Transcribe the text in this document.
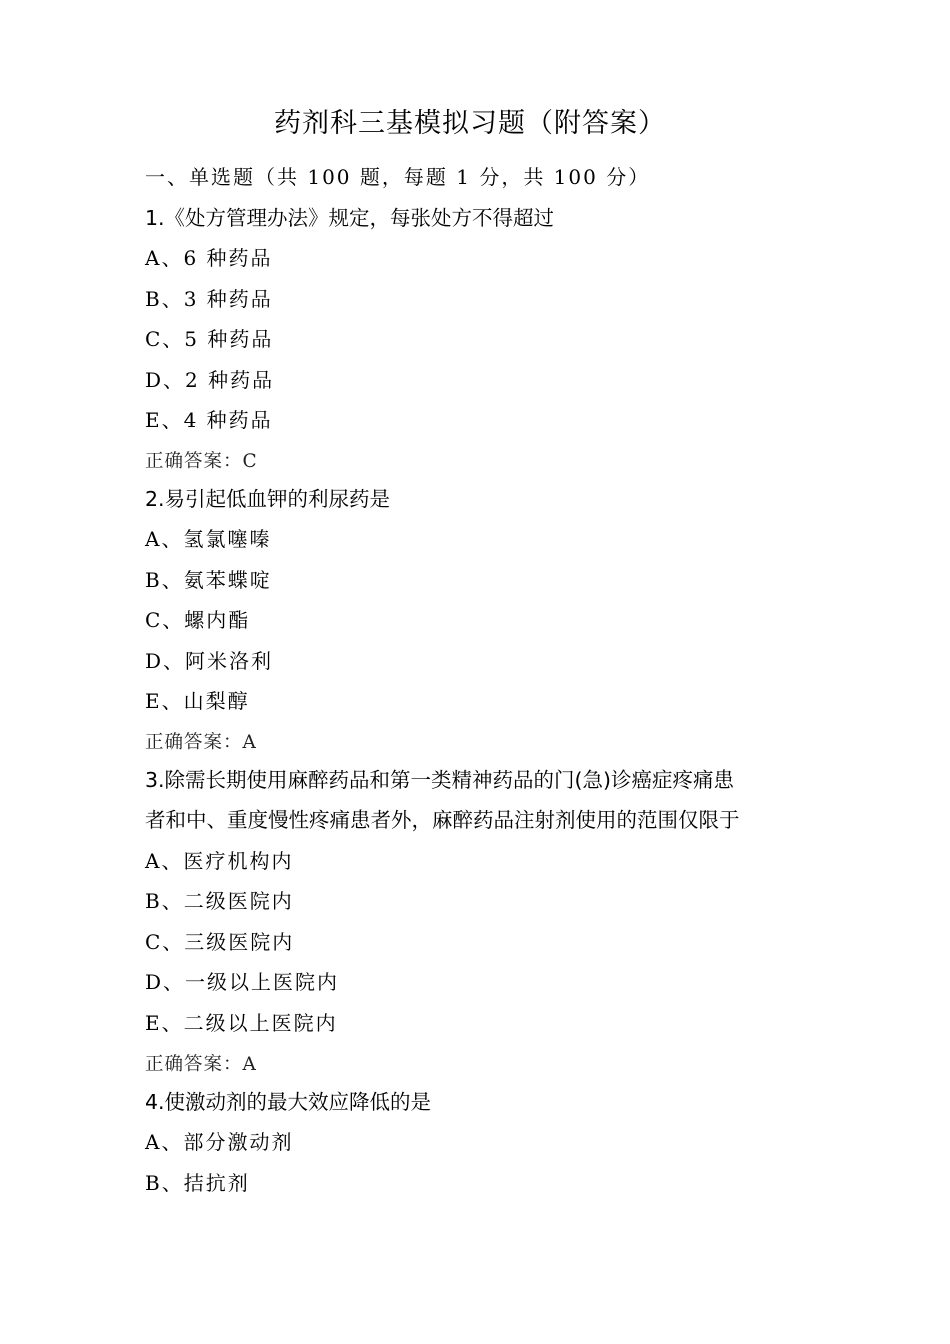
药剂科三基模拟习题（附答案）
一、单选题（共 100 题，每题 1 分，共 100 分）
1.《处方管理办法》规定，每张处方不得超过
A、6 种药品
B、3 种药品
C、5 种药品
D、2 种药品
E、4 种药品
正确答案：C
2.易引起低血钾的利尿药是
A、氢氯噻嗪
B、氨苯蝶啶
C、螺内酯
D、阿米洛利
E、山梨醇
正确答案：A
3.除需长期使用麻醉药品和第一类精神药品的门(急)诊癌症疼痛患
者和中、重度慢性疼痛患者外，麻醉药品注射剂使用的范围仅限于
A、医疗机构内
B、二级医院内
C、三级医院内
D、一级以上医院内
E、二级以上医院内
正确答案：A
4.使激动剂的最大效应降低的是
A、部分激动剂
B、拮抗剂
